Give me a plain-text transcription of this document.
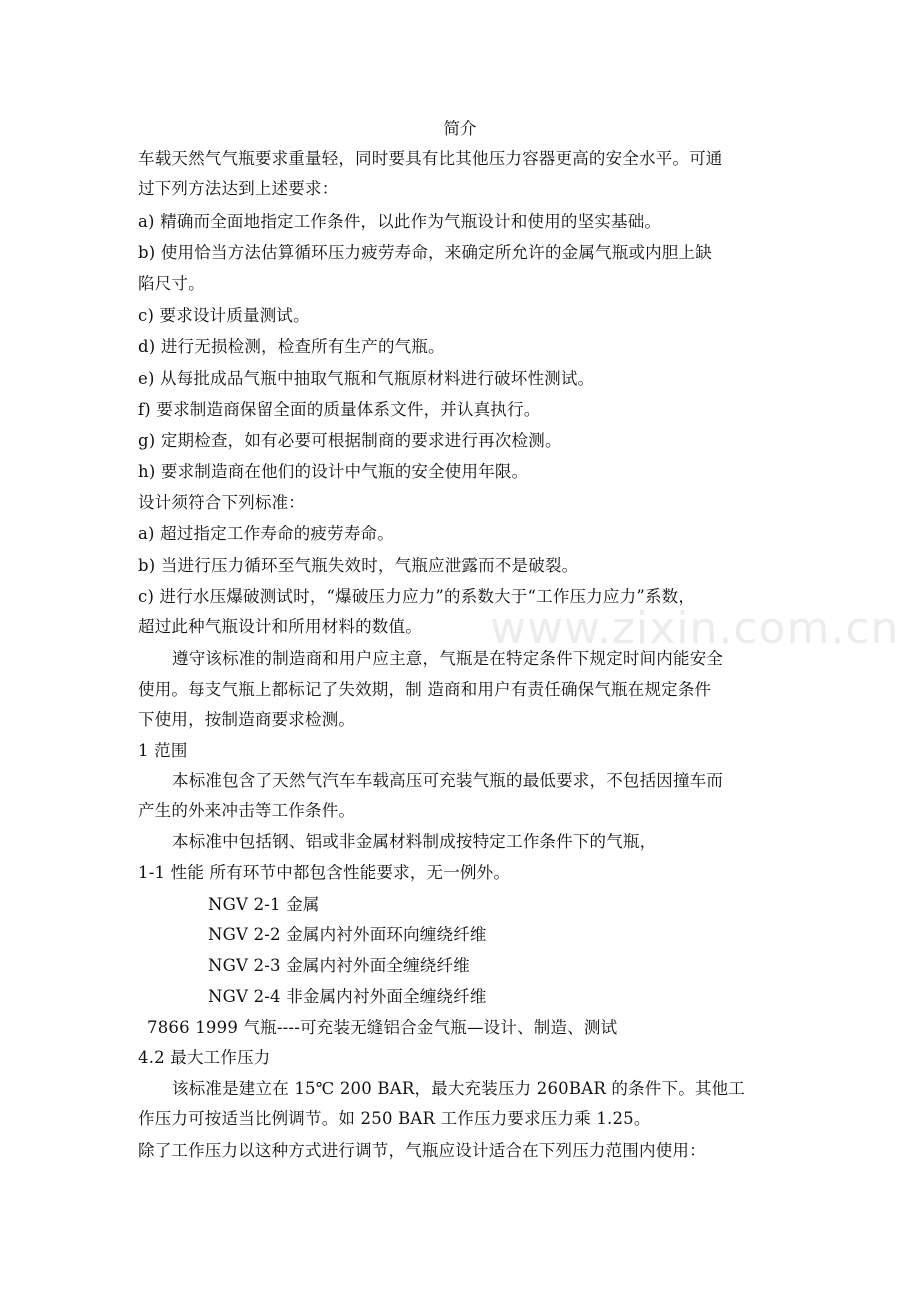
简介
车载天然气气瓶要求重量轻，同时要具有比其他压力容器更高的安全水平。可通
过下列方法达到上述要求：
a) 精确而全面地指定工作条件，以此作为气瓶设计和使用的坚实基础。
b) 使用恰当方法估算循环压力疲劳寿命，来确定所允许的金属气瓶或内胆上缺
陷尺寸。
c) 要求设计质量测试。
d) 进行无损检测，检查所有生产的气瓶。
e) 从每批成品气瓶中抽取气瓶和气瓶原材料进行破坏性测试。
f) 要求制造商保留全面的质量体系文件，并认真执行。
g) 定期检查，如有必要可根据制商的要求进行再次检测。
h) 要求制造商在他们的设计中气瓶的安全使用年限。
设计须符合下列标准：
a) 超过指定工作寿命的疲劳寿命。
b) 当进行压力循环至气瓶失效时，气瓶应泄露而不是破裂。
c) 进行水压爆破测试时，“爆破压力应力”的系数大于“工作压力应力”系数，
超过此种气瓶设计和所用材料的数值。
遵守该标准的制造商和用户应主意，气瓶是在特定条件下规定时间内能安全
使用。每支气瓶上都标记了失效期，制 造商和用户有责任确保气瓶在规定条件
下使用，按制造商要求检测。
1 范围
本标准包含了天然气汽车车载高压可充装气瓶的最低要求，不包括因撞车而
产生的外来冲击等工作条件。
本标准中包括钢、铝或非金属材料制成按特定工作条件下的气瓶，
1-1 性能 所有环节中都包含性能要求，无一例外。
NGV 2-1 金属
NGV 2-2 金属内衬外面环向缠绕纤维
NGV 2-3 金属内衬外面全缠绕纤维
NGV 2-4 非金属内衬外面全缠绕纤维
7866 1999 气瓶----可充装无缝铝合金气瓶—设计、制造、测试
4.2 最大工作压力
该标准是建立在 15℃ 200 BAR，最大充装压力 260BAR 的条件下。其他工
作压力可按适当比例调节。如 250 BAR 工作压力要求压力乘 1.25。
除了工作压力以这种方式进行调节，气瓶应设计适合在下列压力范围内使用：
www.zixin.com.cn
